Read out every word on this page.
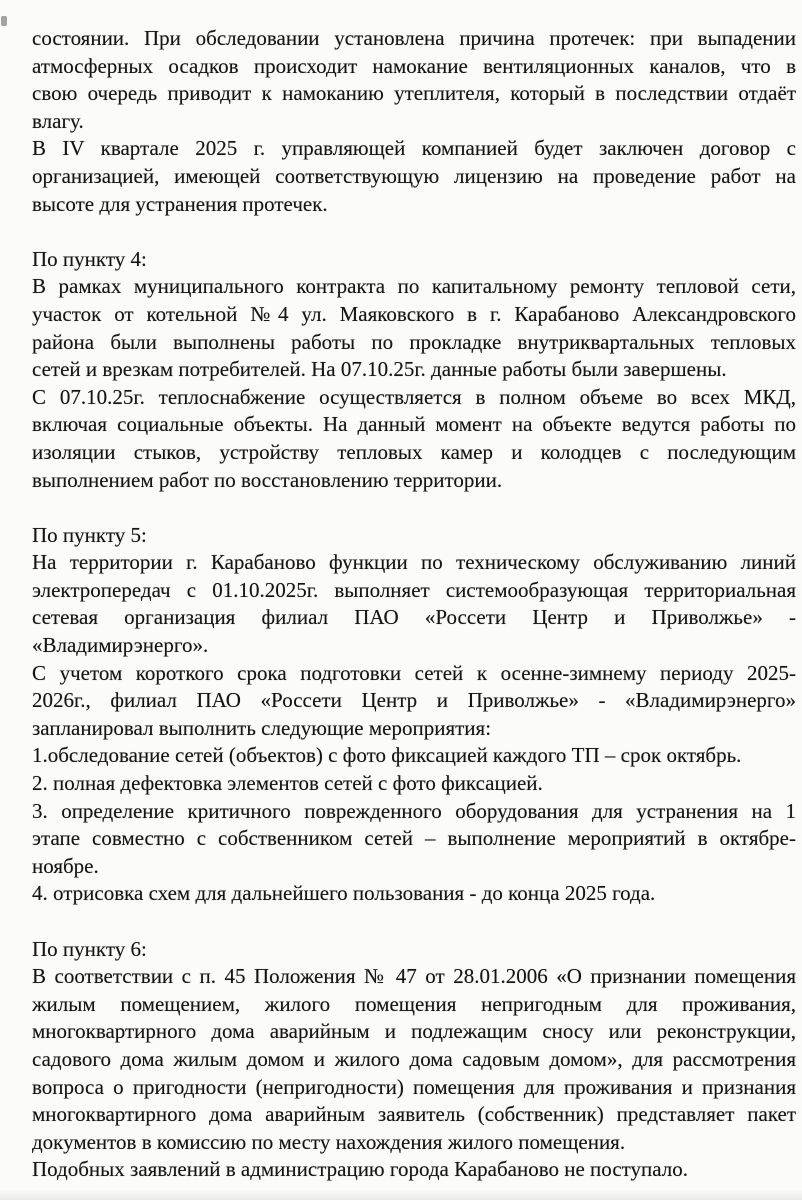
состоянии. При обследовании установлена причина протечек: при выпадении
атмосферных осадков происходит намокание вентиляционных каналов, что в
свою очередь приводит к намоканию утеплителя, который в последствии отдаёт
влагу.
В IV квартале 2025 г. управляющей компанией будет заключен договор с
организацией, имеющей соответствующую лицензию на проведение работ на
высоте для устранения протечек.
По пункту 4:
В рамках муниципального контракта по капитальному ремонту тепловой сети,
участок от котельной №4 ул. Маяковского в г. Карабаново Александровского
района были выполнены работы по прокладке внутриквартальных тепловых
сетей и врезкам потребителей. На 07.10.25г. данные работы были завершены.
С 07.10.25г. теплоснабжение осуществляется в полном объеме во всех МКД,
включая социальные объекты. На данный момент на объекте ведутся работы по
изоляции стыков, устройству тепловых камер и колодцев с последующим
выполнением работ по восстановлению территории.
По пункту 5:
На территории г. Карабаново функции по техническому обслуживанию линий
электропередач с 01.10.2025г. выполняет системообразующая территориальная
сетевая организация филиал ПАО «Россети Центр и Приволжье» -
«Владимирэнерго».
С учетом короткого срока подготовки сетей к осенне-зимнему периоду 2025-
2026г., филиал ПАО «Россети Центр и Приволжье» - «Владимирэнерго»
запланировал выполнить следующие мероприятия:
1.обследование сетей (объектов) с фото фиксацией каждого ТП – срок октябрь.
2. полная дефектовка элементов сетей с фото фиксацией.
3. определение критичного поврежденного оборудования для устранения на 1
этапе совместно с собственником сетей – выполнение мероприятий в октябре-
ноябре.
4. отрисовка схем для дальнейшего пользования - до конца 2025 года.
По пункту 6:
В соответствии с п. 45 Положения № 47 от 28.01.2006 «О признании помещения
жилым помещением, жилого помещения непригодным для проживания,
многоквартирного дома аварийным и подлежащим сносу или реконструкции,
садового дома жилым домом и жилого дома садовым домом», для рассмотрения
вопроса о пригодности (непригодности) помещения для проживания и признания
многоквартирного дома аварийным заявитель (собственник) представляет пакет
документов в комиссию по месту нахождения жилого помещения.
Подобных заявлений в администрацию города Карабаново не поступало.
